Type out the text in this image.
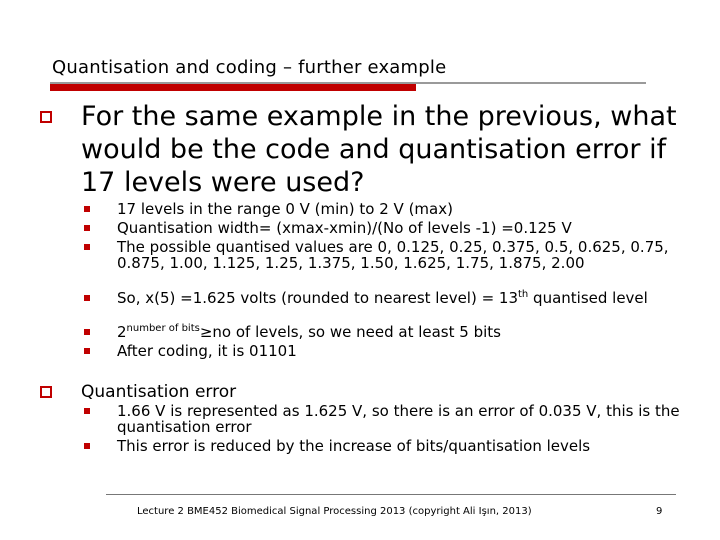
Quantisation and coding – further example
For the same example in the previous, what would be the code and quantisation error if 17 levels were used?
17 levels in the range 0 V (min) to 2 V (max)
Quantisation width= (xmax-xmin)/(No of levels -1) =0.125 V
The possible quantised values are 0, 0.125, 0.25, 0.375, 0.5, 0.625, 0.75, 0.875, 1.00, 1.125, 1.25, 1.375, 1.50, 1.625, 1.75, 1.875, 2.00
So, x(5) =1.625 volts (rounded to nearest level) = 13th quantised level
$2^{number of bits}\ge no$ of levels, so we need at least 5 bits
After coding, it is 01101
Quantisation error
1.66 V is represented as 1.625 V, so there is an error of 0.035 V, this is the quantisation error
This error is reduced by the increase of bits/quantisation levels
Lecture 2 BME452 Biomedical Signal Processing 2013 (copyright Ali Işın, 2013)	9
